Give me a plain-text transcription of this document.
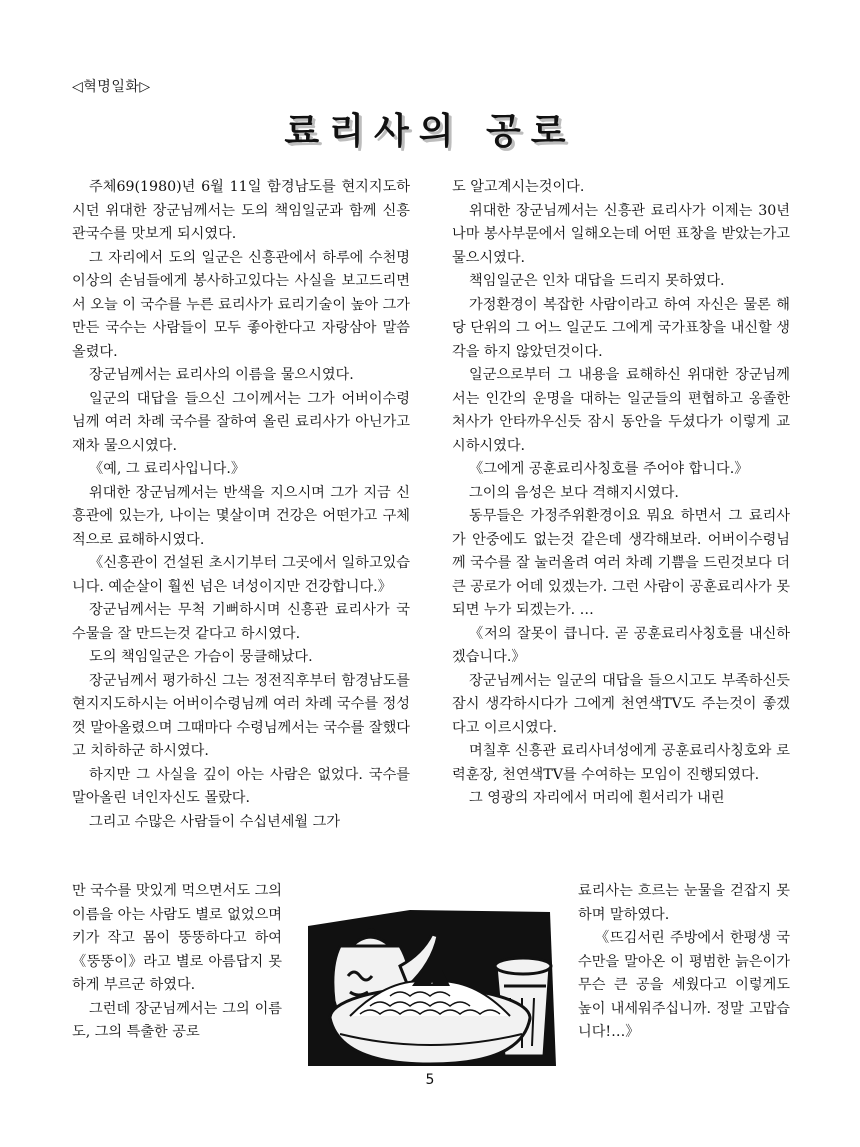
◁혁명일화▷
료리사의 공로

주체69(1980)년 6월 11일 함경남도를 현지지도하시던 위대한 장군님께서는 도의 책임일군과 함께 신흥관국수를 맛보게 되시였다.

그 자리에서 도의 일군은 신흥관에서 하루에 수천명이상의 손님들에게 봉사하고있다는 사실을 보고드리면서 오늘 이 국수를 누른 료리사가 료리기술이 높아 그가 만든 국수는 사람들이 모두 좋아한다고 자랑삼아 말씀올렸다.

장군님께서는 료리사의 이름을 물으시였다.

일군의 대답을 들으신 그이께서는 그가 어버이수령님께 여러 차례 국수를 잘하여 올린 료리사가 아닌가고 재차 물으시였다.

《예, 그 료리사입니다.》

위대한 장군님께서는 반색을 지으시며 그가 지금 신흥관에 있는가, 나이는 몇살이며 건강은 어떤가고 구체적으로 료해하시였다.

《신흥관이 건설된 초시기부터 그곳에서 일하고있습니다. 예순살이 훨씬 넘은 녀성이지만 건강합니다.》

장군님께서는 무척 기뻐하시며 신흥관 료리사가 국수물을 잘 만드는것 같다고 하시였다.

도의 책임일군은 가슴이 뭉클해났다.

장군님께서 평가하신 그는 정전직후부터 함경남도를 현지지도하시는 어버이수령님께 여러 차례 국수를 정성껏 말아올렸으며 그때마다 수령님께서는 국수를 잘했다고 치하하군 하시였다.

하지만 그 사실을 깊이 아는 사람은 없었다. 국수를 말아올린 녀인자신도 몰랐다.

그리고 수많은 사람들이 수십년세월 그가

도 알고계시는것이다.

위대한 장군님께서는 신흥관 료리사가 이제는 30년나마 봉사부문에서 일해오는데 어떤 표창을 받았는가고 물으시였다.

책임일군은 인차 대답을 드리지 못하였다.

가정환경이 복잡한 사람이라고 하여 자신은 물론 해당 단위의 그 어느 일군도 그에게 국가표창을 내신할 생각을 하지 않았던것이다.

일군으로부터 그 내용을 료해하신 위대한 장군님께서는 인간의 운명을 대하는 일군들의 편협하고 옹졸한 처사가 안타까우신듯 잠시 동안을 두셨다가 이렇게 교시하시였다.

《그에게 공훈료리사칭호를 주어야 합니다.》

그이의 음성은 보다 격해지시였다.

동무들은 가정주위환경이요 뭐요 하면서 그 료리사가 안중에도 없는것 같은데 생각해보라. 어버이수령님께 국수를 잘 눌러올려 여러 차례 기쁨을 드린것보다 더 큰 공로가 어데 있겠는가. 그런 사람이 공훈료리사가 못되면 누가 되겠는가. …

《저의 잘못이 큽니다. 곧 공훈료리사칭호를 내신하겠습니다.》

장군님께서는 일군의 대답을 들으시고도 부족하신듯 잠시 생각하시다가 그에게 천연색TV도 주는것이 좋겠다고 이르시였다.

며칠후 신흥관 료리사녀성에게 공훈료리사칭호와 로력훈장, 천연색TV를 수여하는 모임이 진행되였다.

그 영광의 자리에서 머리에 흰서리가 내린

만 국수를 맛있게 먹으면서도 그의 이름을 아는 사람도 별로 없었으며 키가 작고 몸이 뚱뚱하다고 하여 《뚱뚱이》라고 별로 아름답지 못하게 부르군 하였다.

그런데 장군님께서는 그의 이름도, 그의 특출한 공로

료리사는 흐르는 눈물을 걷잡지 못하며 말하였다.

《뜨김서린 주방에서 한평생 국수만을 말아온 이 평범한 늙은이가 무슨 큰 공을 세웠다고 이렇게도 높이 내세워주십니까. 정말 고맙습니다!…》

5
